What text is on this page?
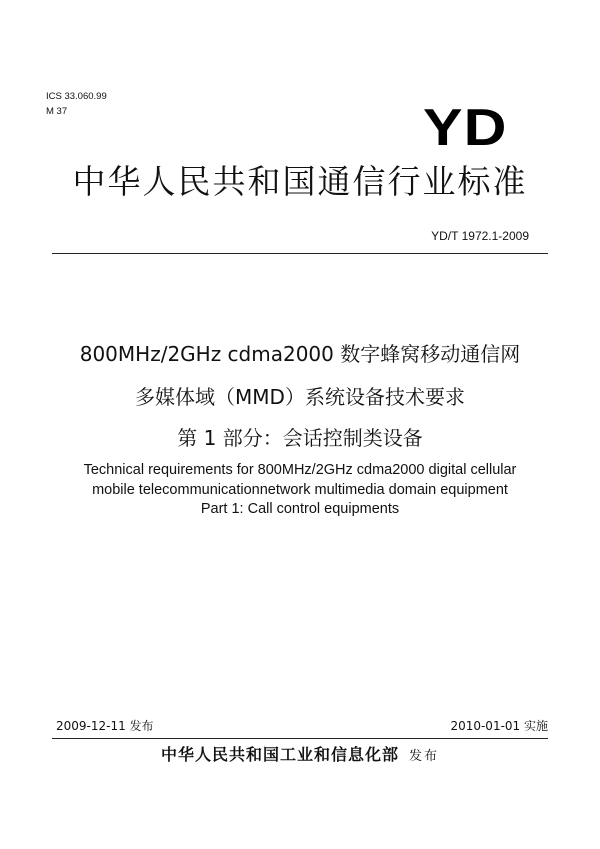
ICS 33.060.99
M 37	YD
中华人民共和国通信行业标准
YD/T 1972.1-2009
800MHz/2GHz cdma2000 数字蜂窝移动通信网
多媒体域（MMD）系统设备技术要求
第 1 部分：会话控制类设备
Technical requirements for 800MHz/2GHz cdma2000 digital cellular
mobile telecommunicationnetwork multimedia domain equipment
Part 1: Call control equipments
2009-12-11 发布	2010-01-01 实施
中华人民共和国工业和信息化部 发布
